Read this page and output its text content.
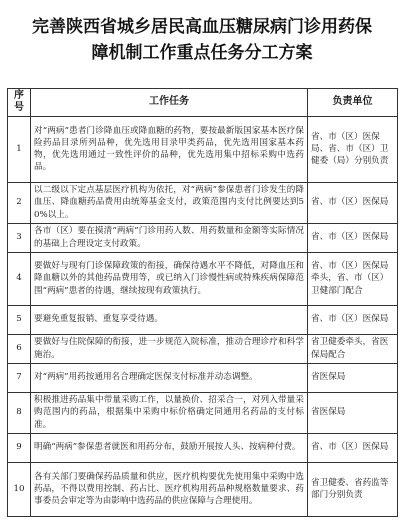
完善陕西省城乡居民高血压糖尿病门诊用药保
障机制工作重点任务分工方案
序号	工作任务	负责单位
1	对“两病”患者门诊降血压或降血糖的药物，要按最新版国家基本医疗保险药品目录所列品种，优先选用目录甲类药品，优先选用国家基本药物，优先选用通过一致性评价的品种，优先选用集中招标采购中选药品。	省、市（区）医保局、省、市（区）卫健委（局）分别负责
2	以二级以下定点基层医疗机构为依托，对“两病”参保患者门诊发生的降血压、降血糖药品费用由统筹基金支付，政策范围内支付比例要达到50%以上。	省、市（区）医保局
3	各市（区）要在摸清“两病”门诊用药人数、用药数量和金额等实际情况的基础上合理设定支付政策。	省、市（区）医保局
4	要做好与现有门诊保障政策的衔接，确保待遇水平不降低，对降血压和降血糖以外的其他药品费用等，或已纳入门诊慢性病或特殊疾病保障范围“两病”患者的待遇，继续按现有政策执行。	省、市（区）医保局牵头，省、市（区）卫健部门配合
5	要避免重复报销、重复享受待遇。	省、市（区）医保局
6	要做好与住院保障的衔接，进一步规范入院标准，推动合理诊疗和科学施治。	省卫健委牵头，省医保局配合
7	对“两病”用药按通用名合理确定医保支付标准并动态调整。	省医保局
8	积极推进药品集中带量采购工作，以量换价、招采合一，对列入带量采购范围内的药品，根据集中采购中标价格确定同通用名药品的支付标准。	省医保局
9	明确“两病”参保患者就医和用药分布，鼓励开展按人头、按病种付费。	省、市（区）医保局
10	各有关部门要确保药品质量和供应，医疗机构要优先使用集中采购中选药品，不得以费用控制、药占比、医疗机构用药品种规格数量要求、药事委员会审定等为由影响中选药品的供应保障与合理使用。	省卫健委、省药监等部门分别负责
